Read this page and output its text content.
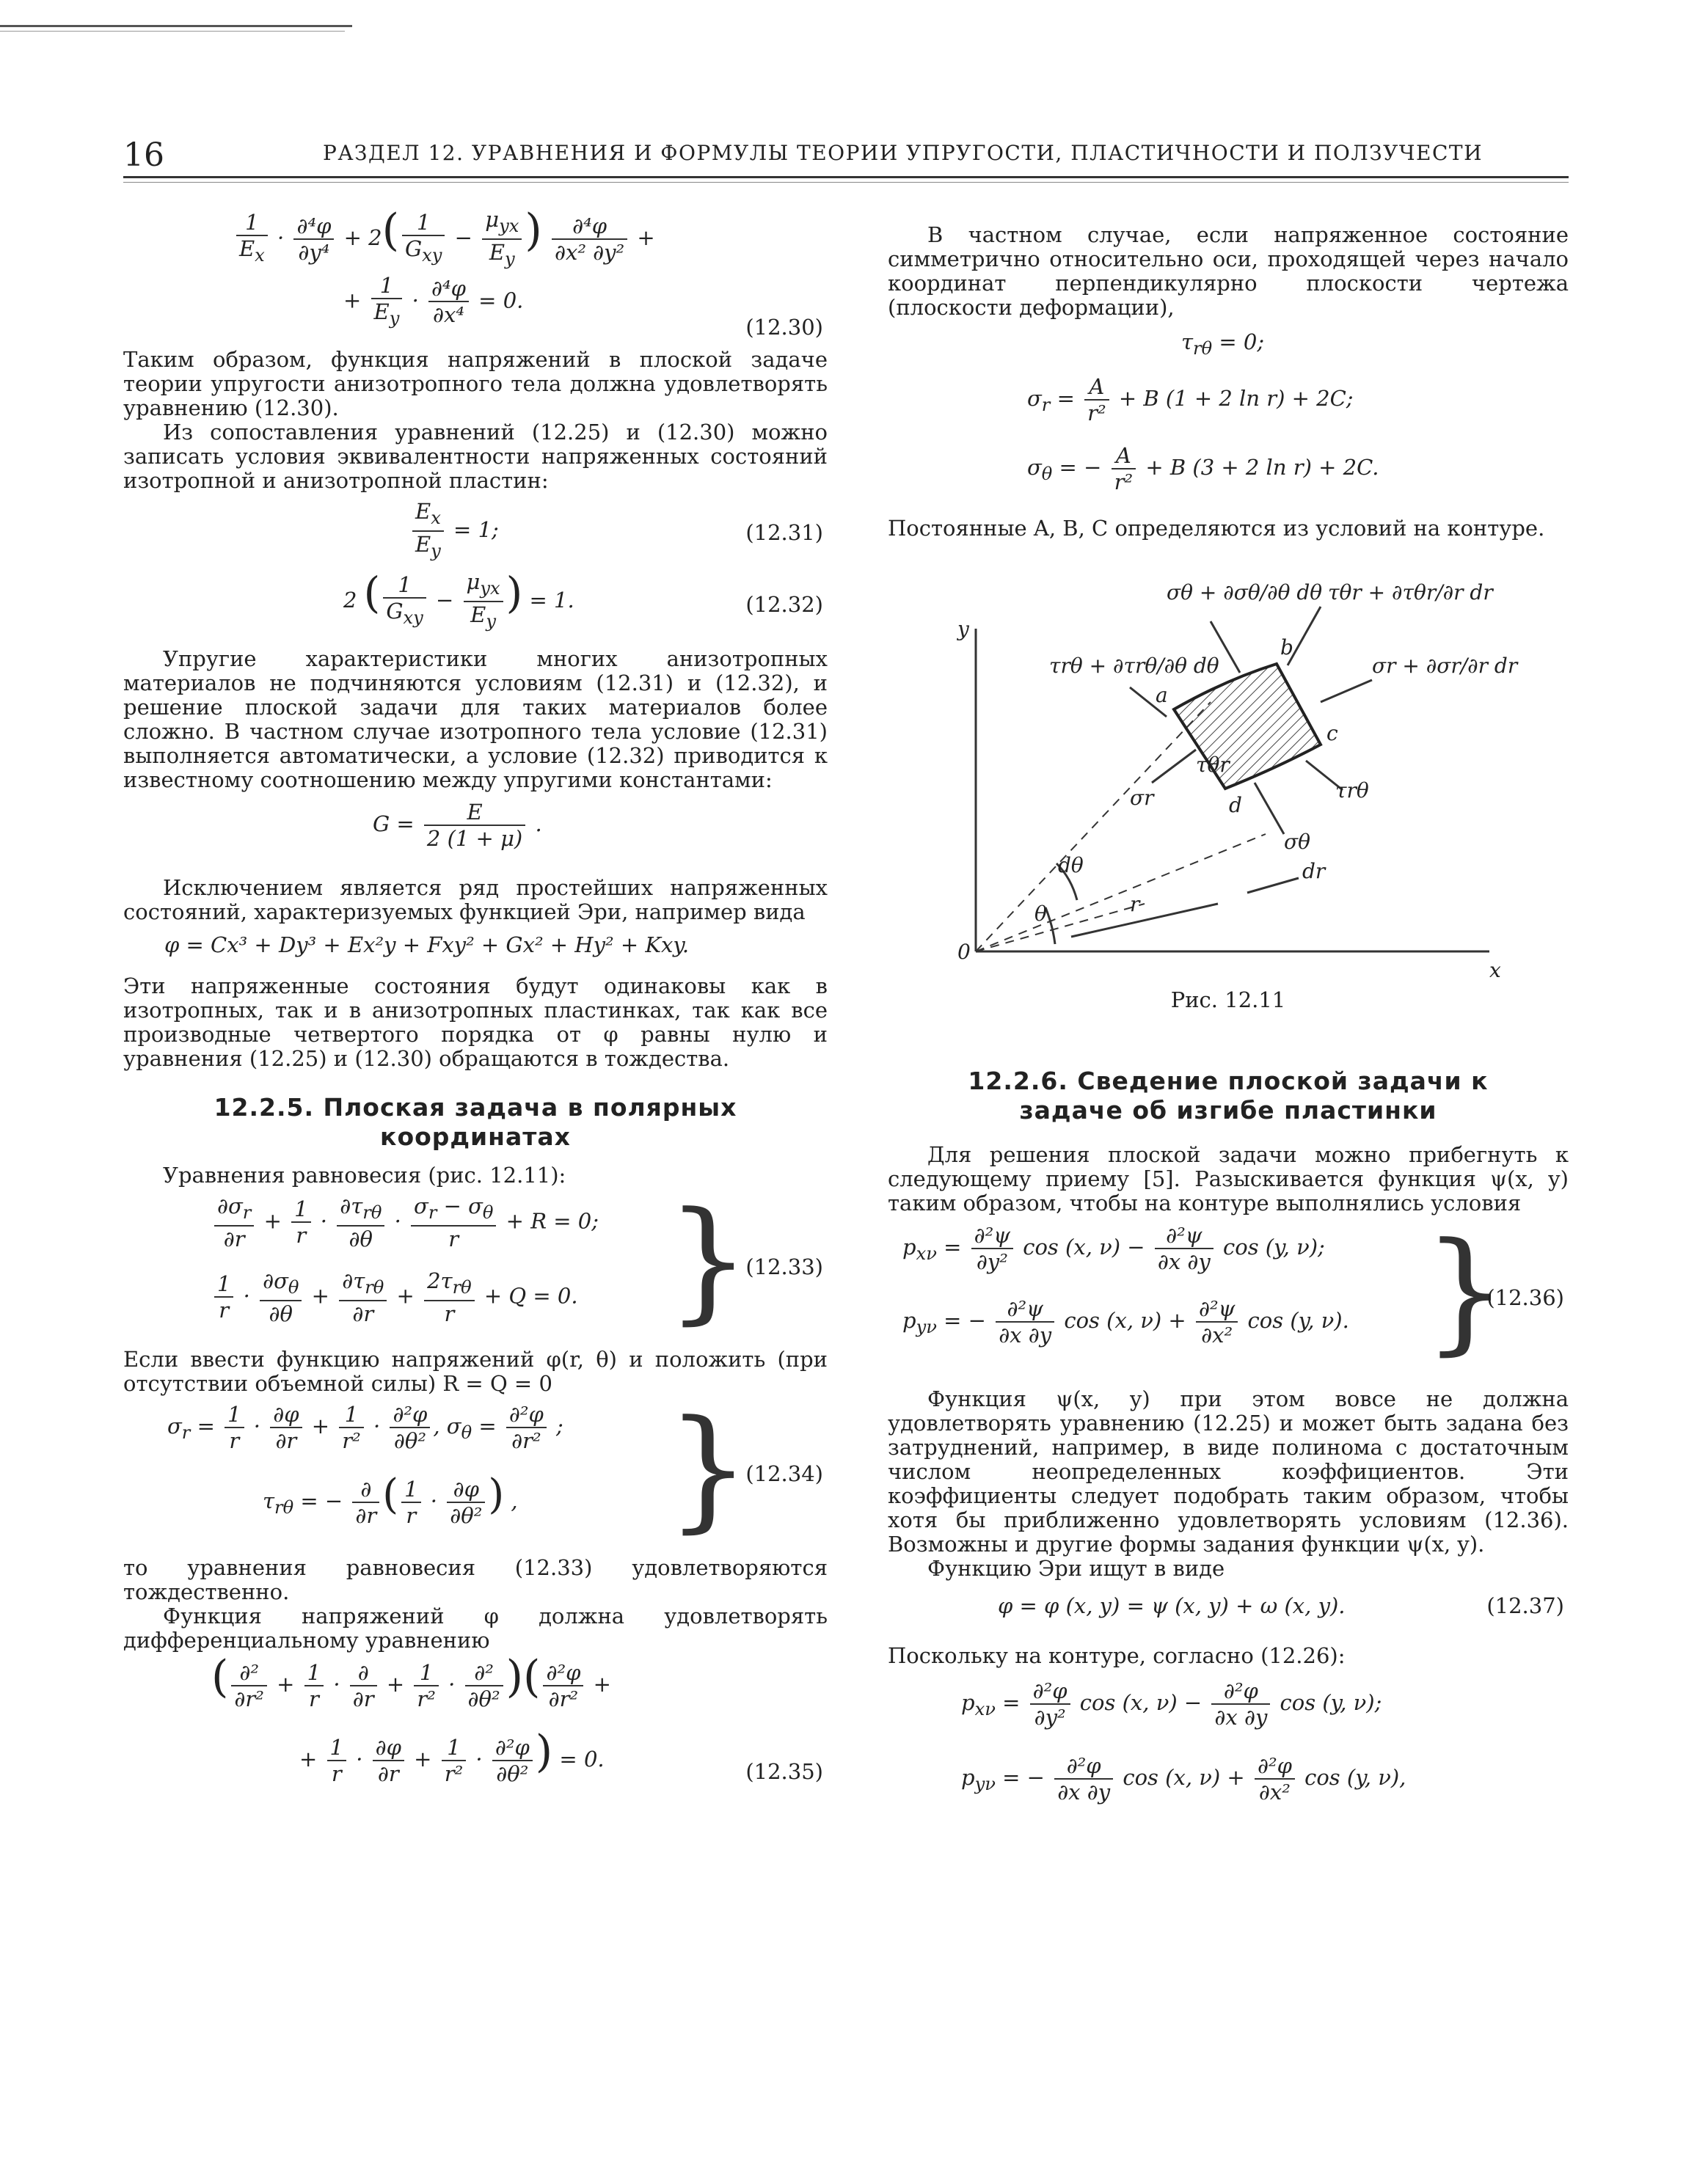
16	РАЗДЕЛ 12. УРАВНЕНИЯ И ФОРМУЛЫ ТЕОРИИ УПРУГОСТИ, ПЛАСТИЧНОСТИ И ПОЛЗУЧЕСТИ
$\frac{1}{E_x} \cdot \frac{\text{∂⁴φ}}{\text{∂y⁴}} + 2( \frac{1}{G_{xy}} - \frac{\mu_{yx}}{E_y}$ ) $\frac{\text{∂⁴φ}}{\text{∂x² ∂y²}}$ +
+ $\frac{1}{E_y} \cdot \frac{\text{∂⁴φ}}{\text{∂x⁴}} = 0$.
(12.30)

Таким образом, функция напряжений в плоской задаче теории упругости анизотропного тела должна удовлетворять уравнению (12.30).

Из сопоставления уравнений (12.25) и (12.30) можно записать условия эквивалентности напряженных состояний изотропной и анизотропной пластин:

$\frac{E_x}{E_y} = 1$;	(12.31)
2 ( $\frac{1}{G_{xy}} - \frac{\mu_{yx}}{E_y}$ ) = 1.	(12.32)

Упругие характеристики многих анизотропных материалов не подчиняются условиям (12.31) и (12.32), и решение плоской задачи для таких материалов более сложно. В частном случае изотропного тела условие (12.31) выполняется автоматически, а условие (12.32) приводится к известному соотношению между упругими константами:

$G = \frac{E}{2 (1 + \mu)}$ .

Исключением является ряд простейших напряженных состояний, характеризуемых функцией Эри, например вида

φ = Cx³ + Dy³ + Ex²y + Fxy² + Gx² + Hy² + Kxy.

Эти напряженные состояния будут одинаковы как в изотропных, так и в анизотропных пластинках, так как все производные четвертого порядка от φ равны нулю и уравнения (12.25) и (12.30) обращаются в тождества.

12.2.5. Плоская задача в полярных координатах

Уравнения равновесия (рис. 12.11):

$\frac{\partial\sigma_r}{\partial r} + \frac{1}{r} \cdot \frac{\partial\tau_{r\theta}}{\partial\theta} \cdot \frac{\sigma_r - \sigma_\theta}{r} + R = 0$;
$\frac{1}{r} \cdot \frac{\partial\sigma_\theta}{\partial\theta} + \frac{\partial\tau_{r\theta}}{\partial r} + \frac{2\tau_{r\theta}}{r} + Q = 0$. }
(12.33)

Если ввести функцию напряжений φ(r, θ) и положить (при отсутствии объемной силы) R = Q = 0

$\sigma_r = \frac{1}{r} \cdot \frac{\partial\varphi}{\partial r} + \frac{1}{\text{r²}} \cdot \frac{\text{∂²φ}}{\text{∂θ²}}$ , $\sigma_\theta = \frac{\text{∂²φ}}{\text{∂r²}}$ ;
$\tau_{r\theta}$ = − $\frac{\partial}{\partial r}$ ( $\frac{1}{r} \cdot \frac{\partial\varphi}{\text{∂θ²}}$ ) , }
(12.34)

то уравнения равновесия (12.33) удовлетворяются тождественно.

Функция напряжений φ должна удовлетворять дифференциальному уравнению

( $\frac{\text{∂²}}{\text{∂r²}} + \frac{1}{r} \cdot \frac{\partial}{\partial r} + \frac{1}{\text{r²}} \cdot \frac{\text{∂²}}{\text{∂θ²}}$ )( $\frac{\text{∂²φ}}{\text{∂r²}}$ +
+ $\frac{1}{r} \cdot \frac{\partial\varphi}{\partial r} + \frac{1}{\text{r²}} \cdot \frac{\text{∂²φ}}{\text{∂θ²}}$ ) = 0.	(12.35)

В частном случае, если напряженное состояние симметрично относительно оси, проходящей через начало координат перпендикулярно плоскости чертежа (плоскости деформации),

$\tau_{r\theta} = 0$;
$\sigma_r = \frac{A}{\text{r²}} + B$ (1 + 2 ln r) + 2C;
$\sigma_\theta$ = − $\frac{A}{\text{r²}} + B$ (3 + 2 ln r) + 2C.

Постоянные A, B, C определяются из условий на контуре.

y
x
0
a
b
c
d
dθ
θ	r
dr
σθ + ∂σθ/∂θ dθ τθr + ∂τθr/∂r dr
σr + ∂σr/∂r dr
τrθ + ∂τrθ/∂θ dθ
σr
τθr
τrθ
σθ
Рис. 12.11
12.2.6. Сведение плоской задачи к задаче об изгибе пластинки

Для решения плоской задачи можно прибегнуть к следующему приему [5]. Разыскивается функция ψ(x, y) таким образом, чтобы на контуре выполнялись условия

$p_{x\nu} = \frac{\text{∂²ψ}}{\text{∂y²}}$ cos (x, $\nu) - \frac{\text{∂²ψ}}{\partial x \partial y}$ cos (y, ν);
$p_{y\nu}$ = − $\frac{\text{∂²ψ}}{\partial x \partial y}$ cos (x, $\nu) + \frac{\text{∂²ψ}}{\text{∂x²}}$ cos (y, ν). }
(12.36)

Функция ψ(x, y) при этом вовсе не должна удовлетворять уравнению (12.25) и может быть задана без затруднений, например, в виде полинома с достаточным числом неопределенных коэффициентов. Эти коэффициенты следует подобрать таким образом, чтобы хотя бы приближенно удовлетворять условиям (12.36). Возможны и другие формы задания функции ψ(x, y).

Функцию Эри ищут в виде

φ = φ (x, y) = ψ (x, y) + ω (x, y).	(12.37)

Поскольку на контуре, согласно (12.26):

$p_{x\nu} = \frac{\text{∂²φ}}{\text{∂y²}}$ cos (x, $\nu) - \frac{\text{∂²φ}}{\partial x \partial y}$ cos (y, ν);
$p_{y\nu}$ = − $\frac{\text{∂²φ}}{\partial x \partial y}$ cos (x, $\nu) + \frac{\text{∂²φ}}{\text{∂x²}}$ cos (y, ν),
